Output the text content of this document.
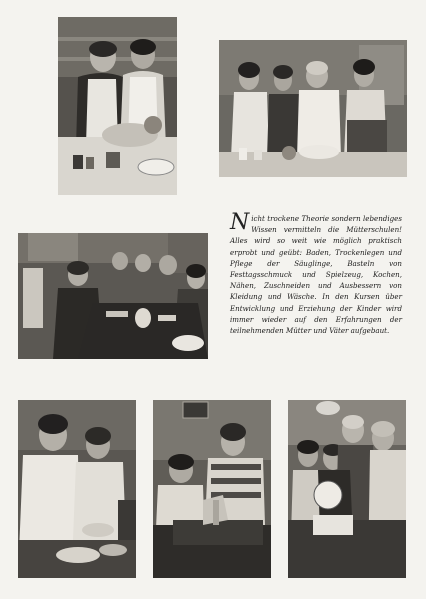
Nicht trockene Theorie sondern lebendiges Wissen vermitteln die Mütterschulen! Alles wird so weit wie möglich praktisch erprobt und geübt: Baden, Trockenlegen und Pflege der Säuglinge, Basteln von Festtagsschmuck und Spielzeug, Kochen, Nähen, Zuschneiden und Ausbessern von Kleidung und Wäsche. In den Kursen über Entwicklung und Erziehung der Kinder wird immer wieder auf den Erfahrungen der teilnehmenden Mütter und Väter aufgebaut.
